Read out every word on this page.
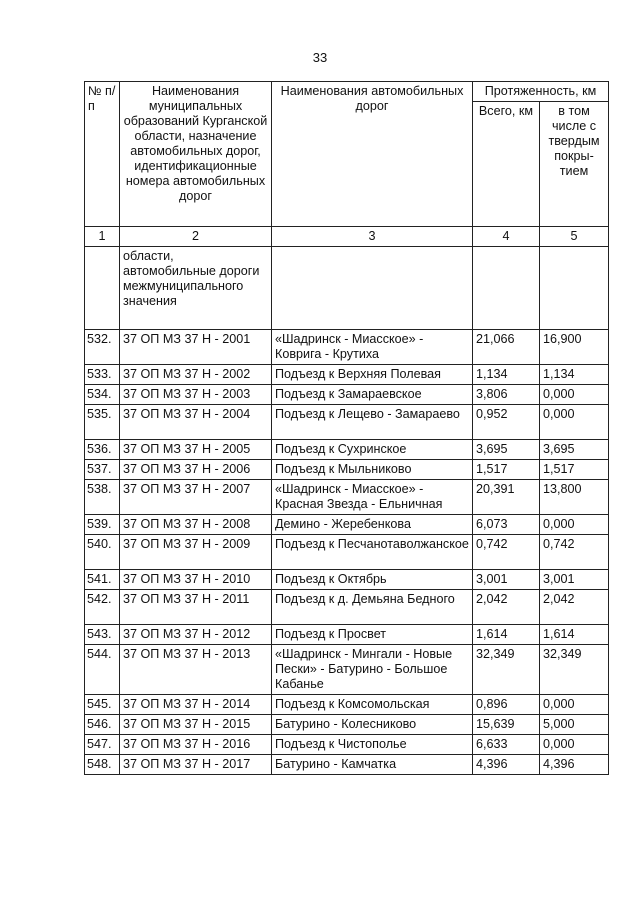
33
№ п/п	Наименования муниципальных образований Курганской области, назначение автомобильных дорог, идентификационные номера автомобильных дорог	Наименования автомобильных дорог	Протяженность, км	
			Всего, км	в том числе с твердым покры-тием
1	2	3	4	5
	области, автомобильные дороги межмуниципального значения			
532.	37 ОП МЗ 37 Н - 2001	«Шадринск - Миасское» - Коврига - Крутиха	21,066	16,900
533.	37 ОП МЗ 37 Н - 2002	Подъезд к Верхняя Полевая	1,134	1,134
534.	37 ОП МЗ 37 Н - 2003	Подъезд к Замараевское	3,806	0,000
535.	37 ОП МЗ 37 Н - 2004	Подъезд к Лещево - Замараево	0,952	0,000
536.	37 ОП МЗ 37 Н - 2005	Подъезд к Сухринское	3,695	3,695
537.	37 ОП МЗ 37 Н - 2006	Подъезд к Мыльниково	1,517	1,517
538.	37 ОП МЗ 37 Н - 2007	«Шадринск - Миасское» - Красная Звезда - Ельничная	20,391	13,800
539.	37 ОП МЗ 37 Н - 2008	Демино - Жеребенкова	6,073	0,000
540.	37 ОП МЗ 37 Н - 2009	Подъезд к Песчанотаволжанское	0,742	0,742
541.	37 ОП МЗ 37 Н - 2010	Подъезд к Октябрь	3,001	3,001
542.	37 ОП МЗ 37 Н - 2011	Подъезд к д. Демьяна Бедного	2,042	2,042
543.	37 ОП МЗ 37 Н - 2012	Подъезд к Просвет	1,614	1,614
544.	37 ОП МЗ 37 Н - 2013	«Шадринск - Мингали - Новые Пески» - Батурино - Большое Кабанье	32,349	32,349
545.	37 ОП МЗ 37 Н - 2014	Подъезд к Комсомольская	0,896	0,000
546.	37 ОП МЗ 37 Н - 2015	Батурино - Колесниково	15,639	5,000
547.	37 ОП МЗ 37 Н - 2016	Подъезд к Чистополье	6,633	0,000
548.	37 ОП МЗ 37 Н - 2017	Батурино - Камчатка	4,396	4,396
